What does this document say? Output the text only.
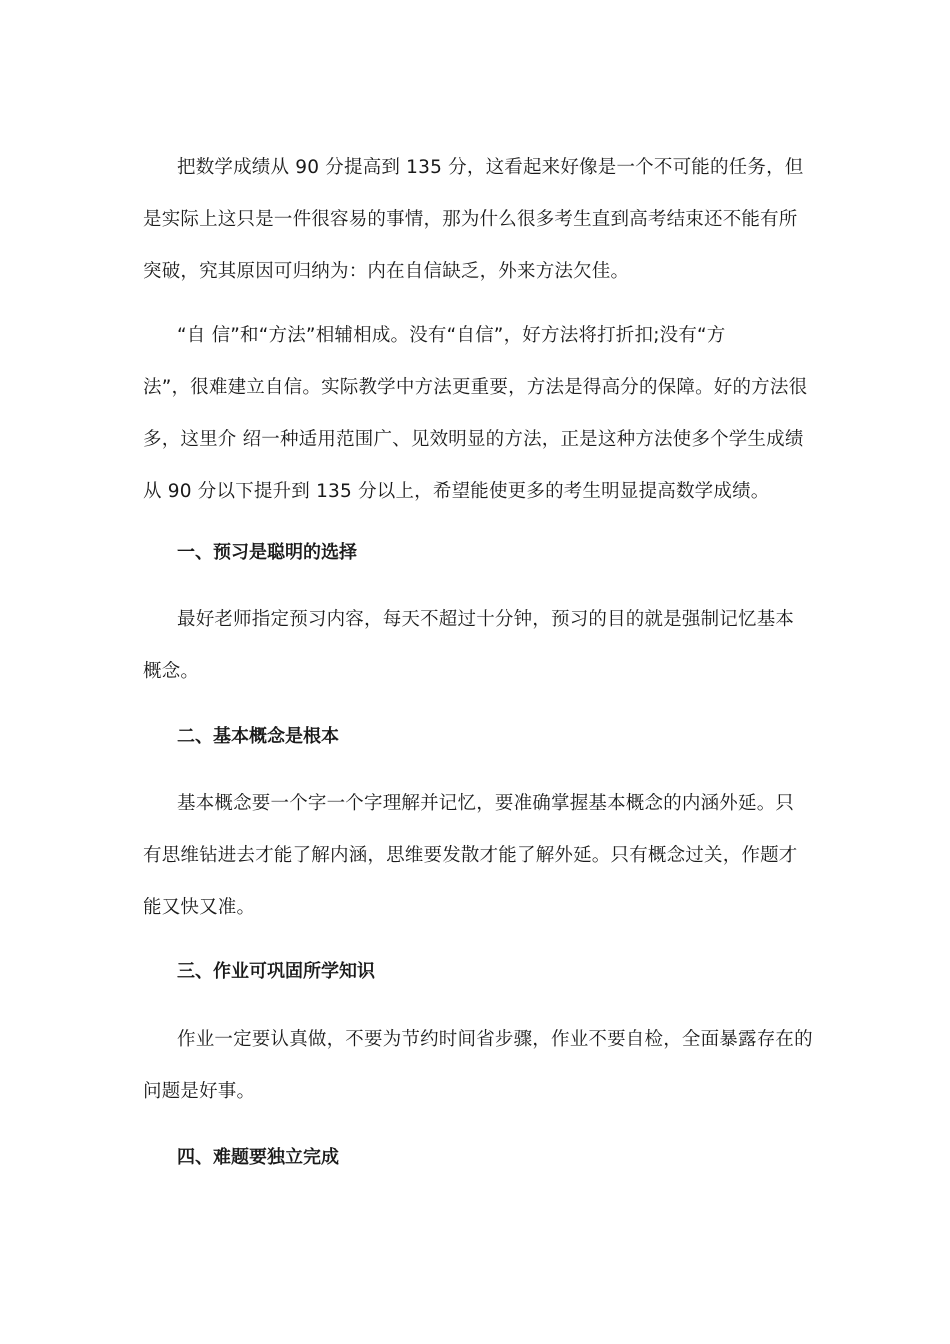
把数学成绩从 90 分提高到 135 分，这看起来好像是一个不可能的任务，但
是实际上这只是一件很容易的事情，那为什么很多考生直到高考结束还不能有所
突破，究其原因可归纳为：内在自信缺乏，外来方法欠佳。
“自 信”和“方法”相辅相成。没有“自信”，好方法将打折扣;没有“方
法”，很难建立自信。实际教学中方法更重要，方法是得高分的保障。好的方法很
多，这里介 绍一种适用范围广、见效明显的方法，正是这种方法使多个学生成绩
从 90 分以下提升到 135 分以上，希望能使更多的考生明显提高数学成绩。
一、预习是聪明的选择
最好老师指定预习内容，每天不超过十分钟，预习的目的就是强制记忆基本
概念。
二、基本概念是根本
基本概念要一个字一个字理解并记忆，要准确掌握基本概念的内涵外延。只
有思维钻进去才能了解内涵，思维要发散才能了解外延。只有概念过关，作题才
能又快又准。
三、作业可巩固所学知识
作业一定要认真做，不要为节约时间省步骤，作业不要自检，全面暴露存在的
问题是好事。
四、难题要独立完成
